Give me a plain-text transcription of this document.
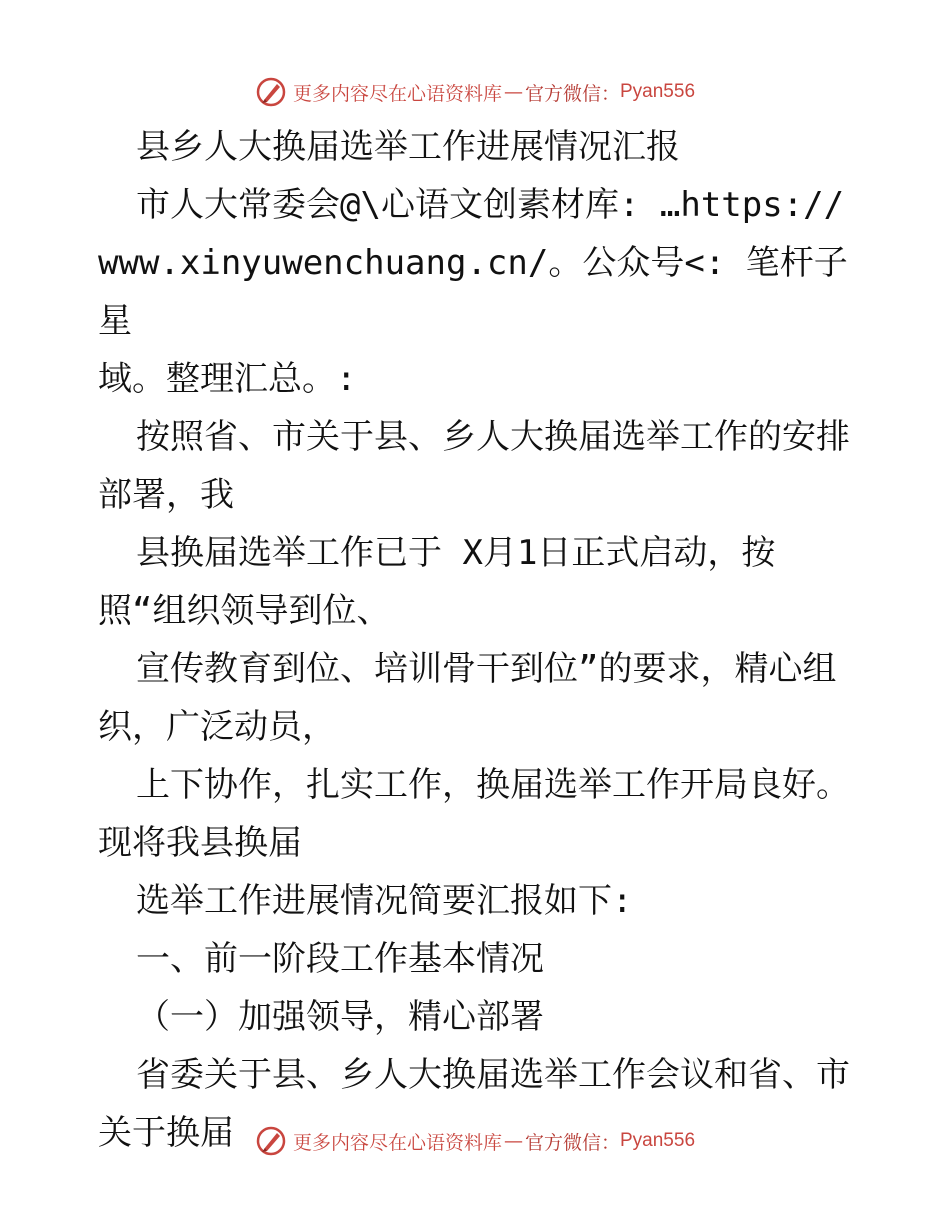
更多内容尽在心语资料库 — 官方微信： Pyan556

县乡人大换届选举工作进展情况汇报

市人大常委会@\心语文创素材库: …https://

www.xinyuwenchuang.cn/。公众号<: 笔杆子星

域。整理汇总。:

按照省、市关于县、乡人大换届选举工作的安排

部署，我

县换届选举工作已于 X月1日正式启动，按

照“组织领导到位、

宣传教育到位、培训骨干到位”的要求，精心组

织，广泛动员，

上下协作，扎实工作，换届选举工作开局良好。

现将我县换届

选举工作进展情况简要汇报如下:

一、前一阶段工作基本情况

（一）加强领导，精心部署

省委关于县、乡人大换届选举工作会议和省、市

关于换届	更多内容尽在心语资料库 — 官方微信： Pyan556
